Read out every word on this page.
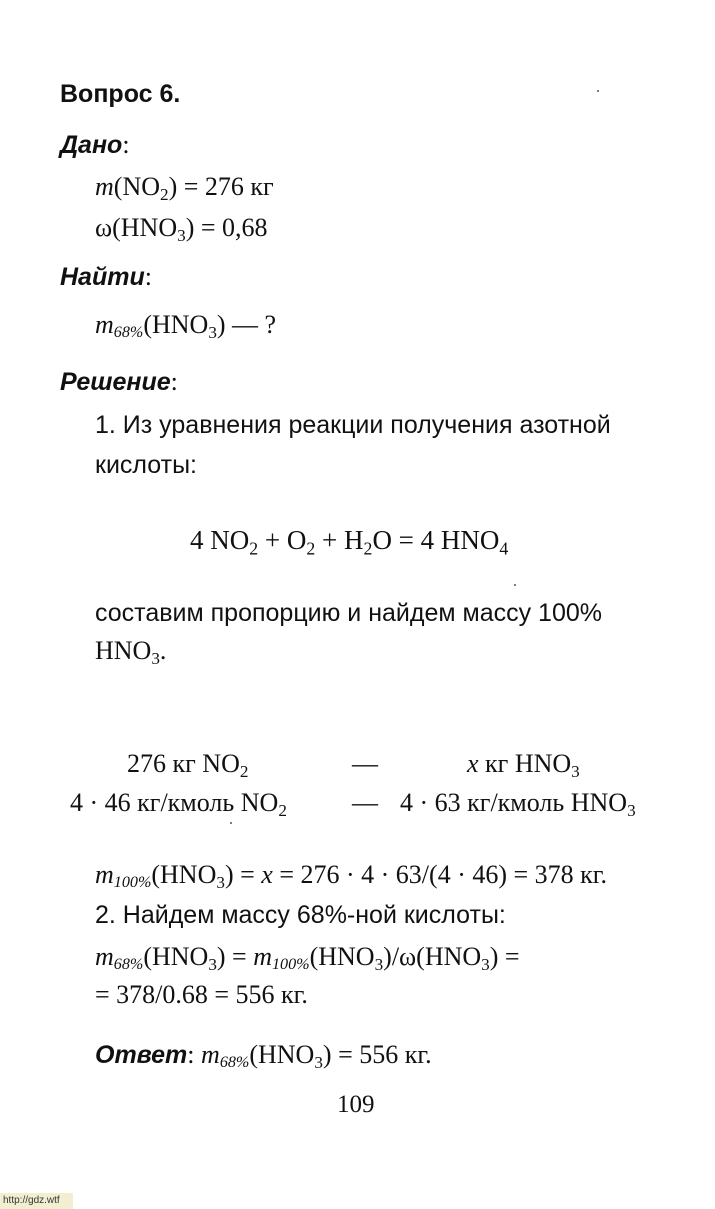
Вопрос 6.
Дано:
$m(NO_2) = 276$ кг
$\omega(HNO_3) = 0,68$
Найти:
$m_{68\%}(HNO_3)$ — ?
Решение:
1. Из уравнения реакции получения азотной
кислоты:
4 $NO_2 + O_2 + H_2O = 4$ $HNO_4$
составим пропорцию и найдем массу 100%
$HNO_3$.
276 кг $NO_2$	—	x кг $HNO_3$
4 · 46 кг/кмоль $NO_2$	— 4 · 63 кг/кмоль $HNO_3$
$m_{100\%}(HNO_3) = x = 276 \cdot 4 \cdot 63/(4 \cdot 46) = 378$ кг.
2. Найдем массу 68%-ной кислоты:
$m_{68\%}(HNO_3) = m_{100\%}(HNO_3)/\omega(HNO_3)$ =
= 378/0.68 = 556 кг.
Ответ: $m_{68\%}(HNO_3) = 556$ кг.
109
http://gdz.wtf
